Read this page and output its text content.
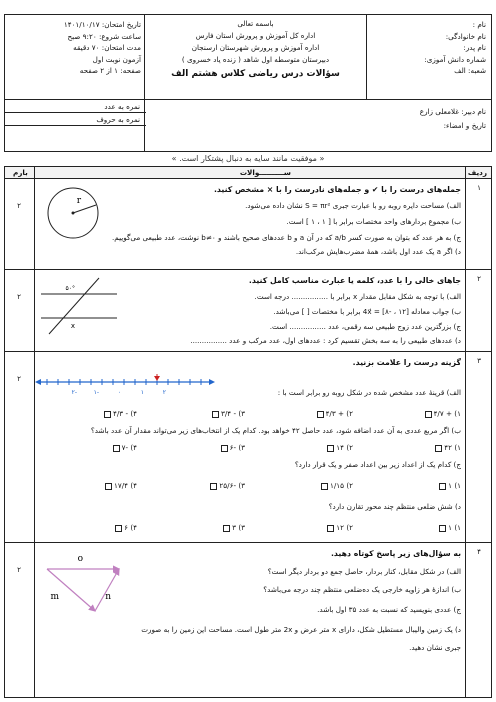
نام :
نام خانوادگی:
نام پدر:
شماره دانش آموزی:
شعبه: الف
باسمه تعالی
اداره کل آموزش و پرورش استان فارس
اداره آموزش و پرورش شهرستان ارسنجان
دبیرستان متوسطه اول شاهد ( زنده یاد خسروی )
سؤالات درس ریاضی کلاس هشتم الف
تاریخ امتحان: ۱۴۰۱/۱۰/۱۷
ساعت شروع: ۹:۲۰ صبح
مدت امتحان: ۷۰ دقیقه
آزمون نوبت اول
صفحه: ۱ از ۲ صفحه
نام دبیر: غلامعلی زارع
تاریخ و امضاء:
نمره به عدد
نمره به حروف
« موفقیت مانند سایه به دنبال پشتکار است. »
ردیف
ســــــــــوالات
بارم
۱
۲
جمله‌های درست را با ✔ و جمله‌های نادرست را با × مشخص کنید.
الف) مساحت دایره روبه رو با عبارت جبری S = πr² نشان داده می‌شود.
ب) مجموع بردارهای واحد مختصات برابر با [ ۱ ، ۱ ] است.
ج) به هر عدد که بتوان به صورت کسر a/b که در آن a و b عددهای صحیح باشند و b≠۰ نوشت، عدد طبیعی می‌گوییم.
د) اگر a یک عدد اول باشد، همهٔ مضرب‌هایش مرکب‌اند.
r
۲
۲
جاهای خالی را با عدد، کلمه یا عبارت مناسب کامل کنید.
الف) با توجه به شکل مقابل مقدار x برابر با ................ درجه است.
ب) جواب معادله [۱۲ ، -۸] = 4x⃗ برابر با مختصات [ ] می‌باشد.
ج) بزرگترین عدد زوج طبیعی سه رقمی، عدد ................ است.
د) عددهای طبیعی را به سه بخش تقسیم کرد : عددهای اول، عدد مرکب و عدد ................
۵۰°
x
۳
۲
گزینه درست را علامت بزنید.
-۲	-۱	۰	۱	۲	الف) قرینهٔ عدد مشخص شده در شکل روبه رو برابر است با :
۱) + ۴/۷
۲) + ۴/۳
۳) - ۳/۴
۴) - ۴/۳
ب) اگر مربع عددی به آن عدد اضافه شود، عدد حاصل ۴۲ خواهد بود. کدام یک از انتخاب‌های زیر می‌تواند مقدار آن عدد باشد؟
۱) ۴۲
۲) ۱۴
۳) -۶
۴) -۷
ج) کدام یک از اعداد زیر بین اعداد صفر و یک قرار دارد؟
۱) ۱
۲) ۱/۱۵
۳) -۲۵/۶
۴) ۱۷/۴
د) شش ضلعی منتظم چند محور تقارن دارد؟
۱) ۱
۲) ۱۲
۳) ۳
۴) ۶
۴
۲
به سؤال‌های زیر پاسخ کوتاه دهید.
الف) در شکل مقابل، کنار بردار، حاصل جمع دو بردار دیگر است؟
ب) اندازهٔ هر زاویه خارجی یک ده‌ضلعی منتظم چند درجه می‌باشد؟
ج) عددی بنویسید که نسبت به عدد ۳۵ اول باشد.
د) یک زمین والیبال مستطیل شکل، دارای x متر عرض و 2x متر طول است. مساحت این زمین را به صورت
جبری نشان دهید.
o
m	n
